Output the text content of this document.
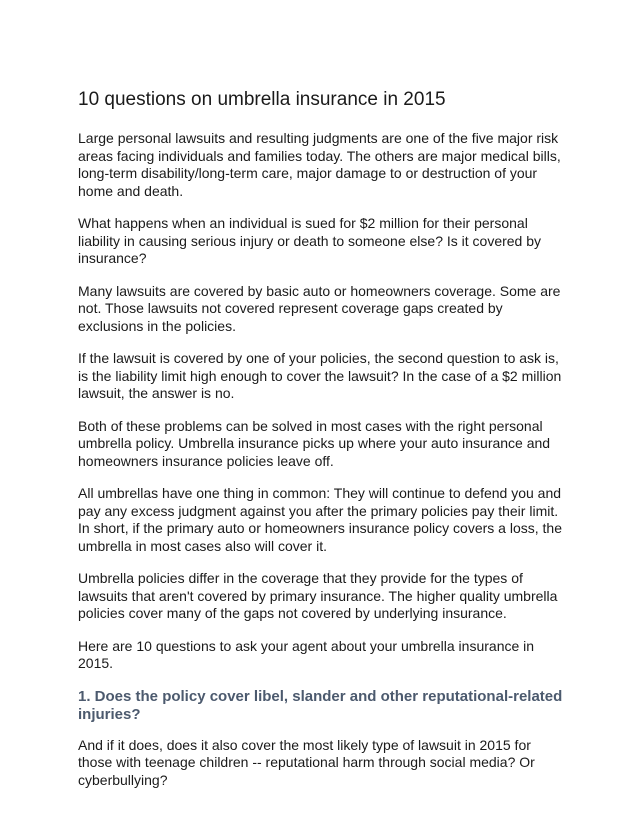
10 questions on umbrella insurance in 2015

Large personal lawsuits and resulting judgments are one of the five major risk areas facing individuals and families today. The others are major medical bills, long-term disability/long-term care, major damage to or destruction of your home and death.

What happens when an individual is sued for $2 million for their personal liability in causing serious injury or death to someone else? Is it covered by insurance?

Many lawsuits are covered by basic auto or homeowners coverage. Some are not. Those lawsuits not covered represent coverage gaps created by exclusions in the policies.

If the lawsuit is covered by one of your policies, the second question to ask is, is the liability limit high enough to cover the lawsuit? In the case of a $2 million lawsuit, the answer is no.

Both of these problems can be solved in most cases with the right personal umbrella policy. Umbrella insurance picks up where your auto insurance and homeowners insurance policies leave off.

All umbrellas have one thing in common: They will continue to defend you and pay any excess judgment against you after the primary policies pay their limit. In short, if the primary auto or homeowners insurance policy covers a loss, the umbrella in most cases also will cover it.

Umbrella policies differ in the coverage that they provide for the types of lawsuits that aren't covered by primary insurance. The higher quality umbrella policies cover many of the gaps not covered by underlying insurance.

Here are 10 questions to ask your agent about your umbrella insurance in 2015.

1. Does the policy cover libel, slander and other reputational-related injuries?

And if it does, does it also cover the most likely type of lawsuit in 2015 for those with teenage children -- reputational harm through social media? Or cyberbullying?
